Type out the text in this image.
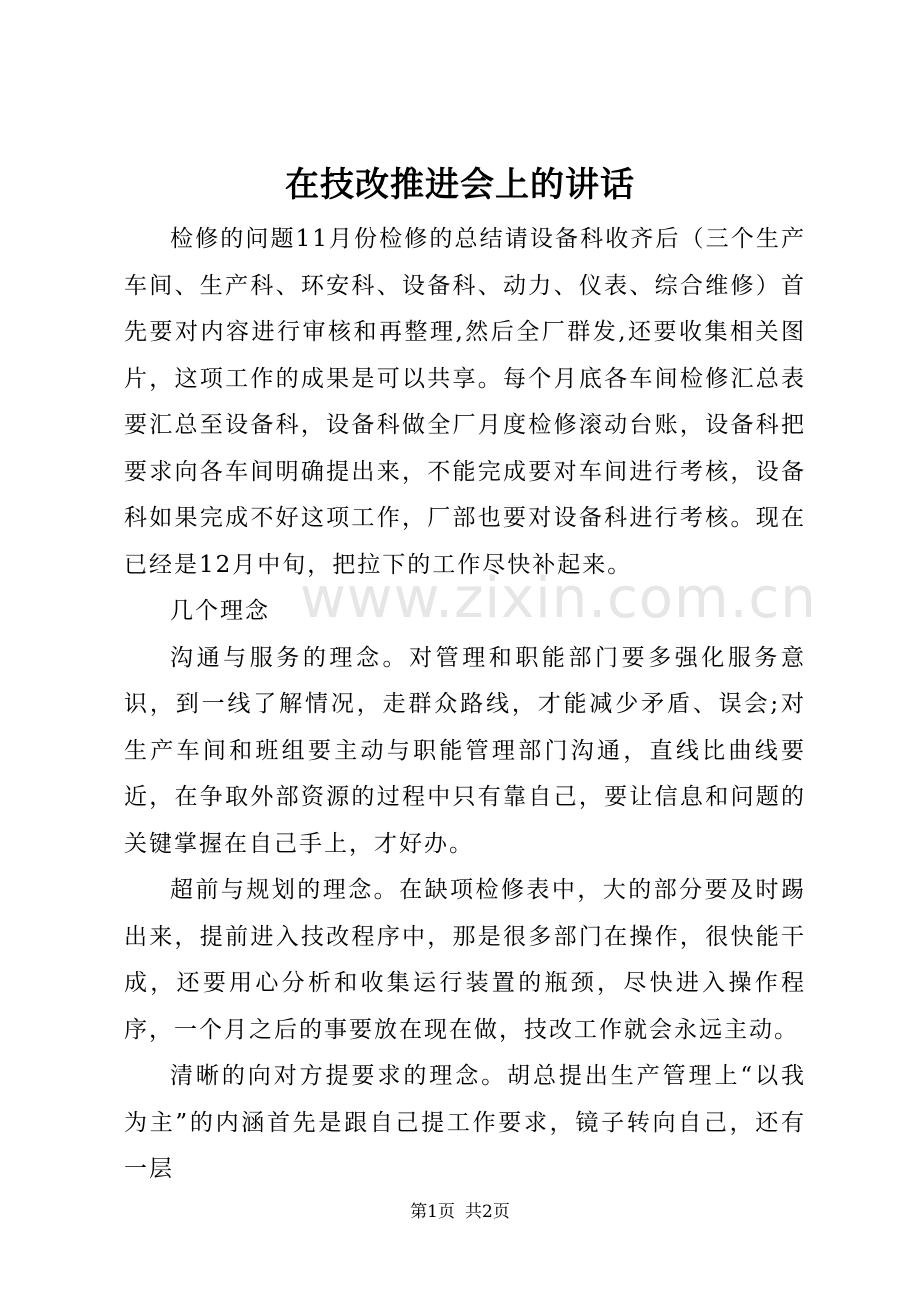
在技改推进会上的讲话
www.zixin.com.cn

检修的问题11月份检修的总结请设备科收齐后（三个生产车间、生产科、环安科、设备科、动力、仪表、综合维修）首先要对内容进行审核和再整理,然后全厂群发,还要收集相关图片，这项工作的成果是可以共享。每个月底各车间检修汇总表要汇总至设备科，设备科做全厂月度检修滚动台账，设备科把要求向各车间明确提出来，不能完成要对车间进行考核，设备科如果完成不好这项工作，厂部也要对设备科进行考核。现在已经是12月中旬，把拉下的工作尽快补起来。

几个理念

沟通与服务的理念。对管理和职能部门要多强化服务意识，到一线了解情况，走群众路线，才能减少矛盾、误会;对生产车间和班组要主动与职能管理部门沟通，直线比曲线要近，在争取外部资源的过程中只有靠自己，要让信息和问题的关键掌握在自己手上，才好办。

超前与规划的理念。在缺项检修表中，大的部分要及时踢出来，提前进入技改程序中，那是很多部门在操作，很快能干成，还要用心分析和收集运行装置的瓶颈，尽快进入操作程序，一个月之后的事要放在现在做，技改工作就会永远主动。

清晰的向对方提要求的理念。胡总提出生产管理上“以我为主”的内涵首先是跟自己提工作要求，镜子转向自己，还有一层

第1页 共2页
